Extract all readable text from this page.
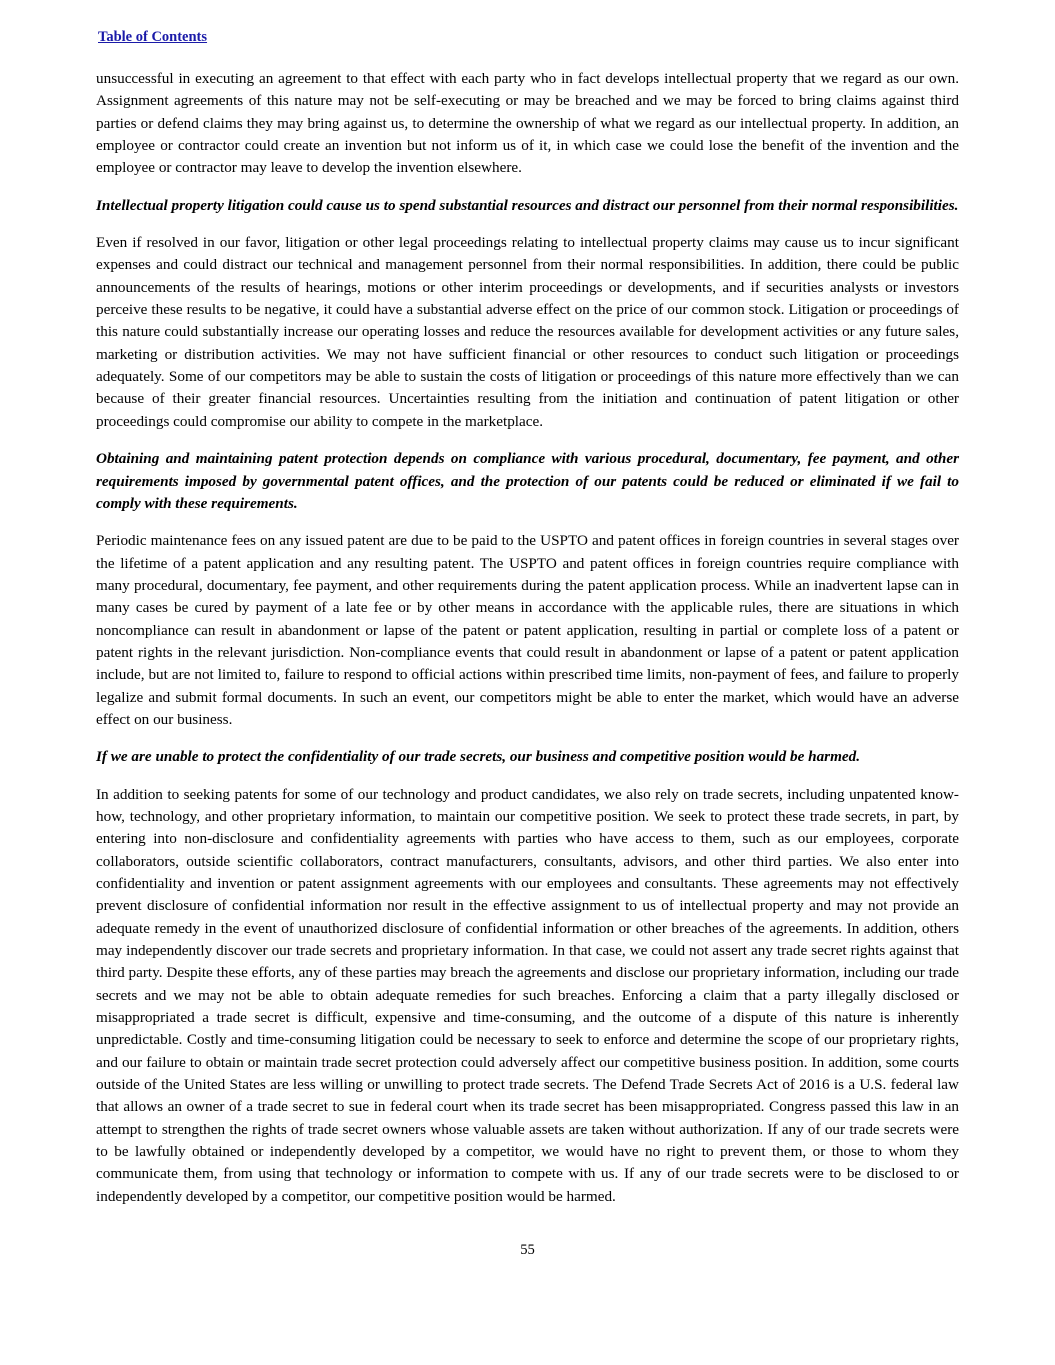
Table of Contents

unsuccessful in executing an agreement to that effect with each party who in fact develops intellectual property that we regard as our own. Assignment agreements of this nature may not be self-executing or may be breached and we may be forced to bring claims against third parties or defend claims they may bring against us, to determine the ownership of what we regard as our intellectual property. In addition, an employee or contractor could create an invention but not inform us of it, in which case we could lose the benefit of the invention and the employee or contractor may leave to develop the invention elsewhere.

Intellectual property litigation could cause us to spend substantial resources and distract our personnel from their normal responsibilities.

Even if resolved in our favor, litigation or other legal proceedings relating to intellectual property claims may cause us to incur significant expenses and could distract our technical and management personnel from their normal responsibilities. In addition, there could be public announcements of the results of hearings, motions or other interim proceedings or developments, and if securities analysts or investors perceive these results to be negative, it could have a substantial adverse effect on the price of our common stock. Litigation or proceedings of this nature could substantially increase our operating losses and reduce the resources available for development activities or any future sales, marketing or distribution activities. We may not have sufficient financial or other resources to conduct such litigation or proceedings adequately. Some of our competitors may be able to sustain the costs of litigation or proceedings of this nature more effectively than we can because of their greater financial resources. Uncertainties resulting from the initiation and continuation of patent litigation or other proceedings could compromise our ability to compete in the marketplace.

Obtaining and maintaining patent protection depends on compliance with various procedural, documentary, fee payment, and other requirements imposed by governmental patent offices, and the protection of our patents could be reduced or eliminated if we fail to comply with these requirements.

Periodic maintenance fees on any issued patent are due to be paid to the USPTO and patent offices in foreign countries in several stages over the lifetime of a patent application and any resulting patent. The USPTO and patent offices in foreign countries require compliance with many procedural, documentary, fee payment, and other requirements during the patent application process. While an inadvertent lapse can in many cases be cured by payment of a late fee or by other means in accordance with the applicable rules, there are situations in which noncompliance can result in abandonment or lapse of the patent or patent application, resulting in partial or complete loss of a patent or patent rights in the relevant jurisdiction. Non-compliance events that could result in abandonment or lapse of a patent or patent application include, but are not limited to, failure to respond to official actions within prescribed time limits, non-payment of fees, and failure to properly legalize and submit formal documents. In such an event, our competitors might be able to enter the market, which would have an adverse effect on our business.

If we are unable to protect the confidentiality of our trade secrets, our business and competitive position would be harmed.

In addition to seeking patents for some of our technology and product candidates, we also rely on trade secrets, including unpatented know-how, technology, and other proprietary information, to maintain our competitive position. We seek to protect these trade secrets, in part, by entering into non-disclosure and confidentiality agreements with parties who have access to them, such as our employees, corporate collaborators, outside scientific collaborators, contract manufacturers, consultants, advisors, and other third parties. We also enter into confidentiality and invention or patent assignment agreements with our employees and consultants. These agreements may not effectively prevent disclosure of confidential information nor result in the effective assignment to us of intellectual property and may not provide an adequate remedy in the event of unauthorized disclosure of confidential information or other breaches of the agreements. In addition, others may independently discover our trade secrets and proprietary information. In that case, we could not assert any trade secret rights against that third party. Despite these efforts, any of these parties may breach the agreements and disclose our proprietary information, including our trade secrets and we may not be able to obtain adequate remedies for such breaches. Enforcing a claim that a party illegally disclosed or misappropriated a trade secret is difficult, expensive and time-consuming, and the outcome of a dispute of this nature is inherently unpredictable. Costly and time-consuming litigation could be necessary to seek to enforce and determine the scope of our proprietary rights, and our failure to obtain or maintain trade secret protection could adversely affect our competitive business position. In addition, some courts outside of the United States are less willing or unwilling to protect trade secrets. The Defend Trade Secrets Act of 2016 is a U.S. federal law that allows an owner of a trade secret to sue in federal court when its trade secret has been misappropriated. Congress passed this law in an attempt to strengthen the rights of trade secret owners whose valuable assets are taken without authorization. If any of our trade secrets were to be lawfully obtained or independently developed by a competitor, we would have no right to prevent them, or those to whom they communicate them, from using that technology or information to compete with us. If any of our trade secrets were to be disclosed to or independently developed by a competitor, our competitive position would be harmed.

55
